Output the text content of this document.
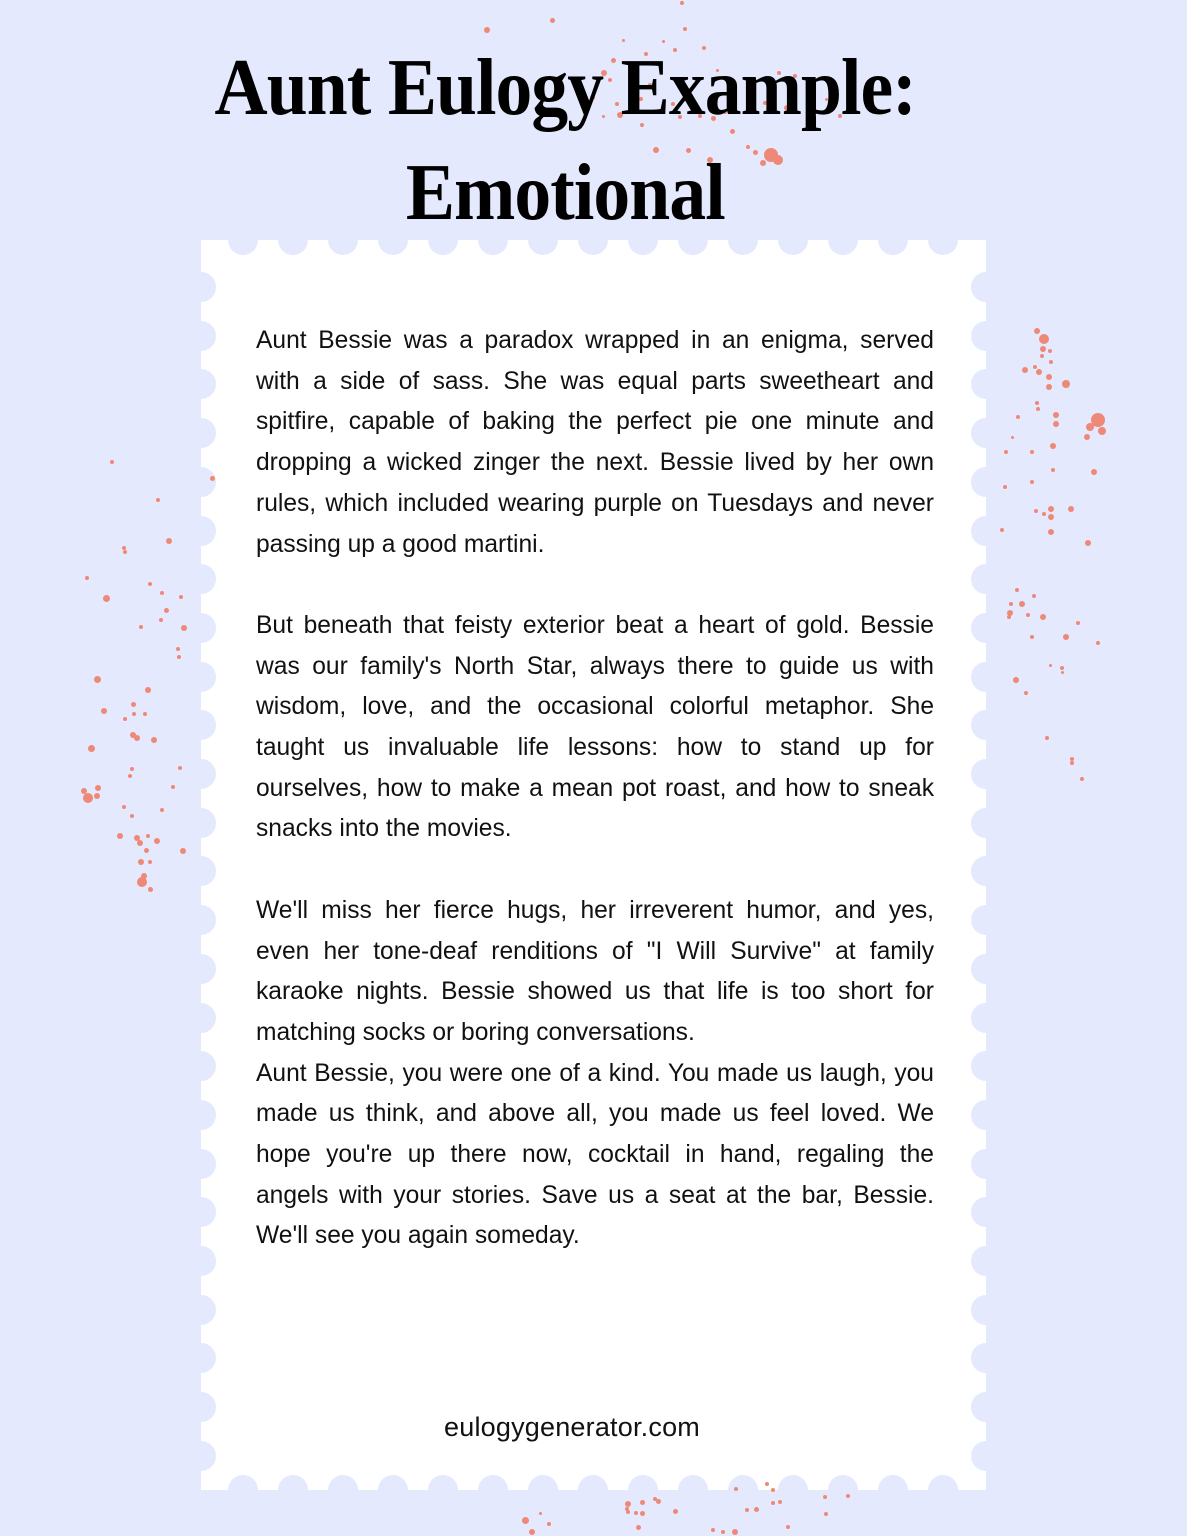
Aunt Eulogy Example:
Emotional

Aunt Bessie was a paradox wrapped in an enigma, served with a side of sass. She was equal parts sweetheart and spitfire, capable of baking the perfect pie one minute and dropping a wicked zinger the next. Bessie lived by her own rules, which included wearing purple on Tuesdays and never passing up a good martini.

But beneath that feisty exterior beat a heart of gold. Bessie was our family's North Star, always there to guide us with wisdom, love, and the occasional colorful metaphor. She taught us invaluable life lessons: how to stand up for ourselves, how to make a mean pot roast, and how to sneak snacks into the movies.

We'll miss her fierce hugs, her irreverent humor, and yes, even her tone-deaf renditions of "I Will Survive" at family karaoke nights. Bessie showed us that life is too short for matching socks or boring conversations.

Aunt Bessie, you were one of a kind. You made us laugh, you made us think, and above all, you made us feel loved. We hope you're up there now, cocktail in hand, regaling the angels with your stories. Save us a seat at the bar, Bessie. We'll see you again someday.

eulogygenerator.com
